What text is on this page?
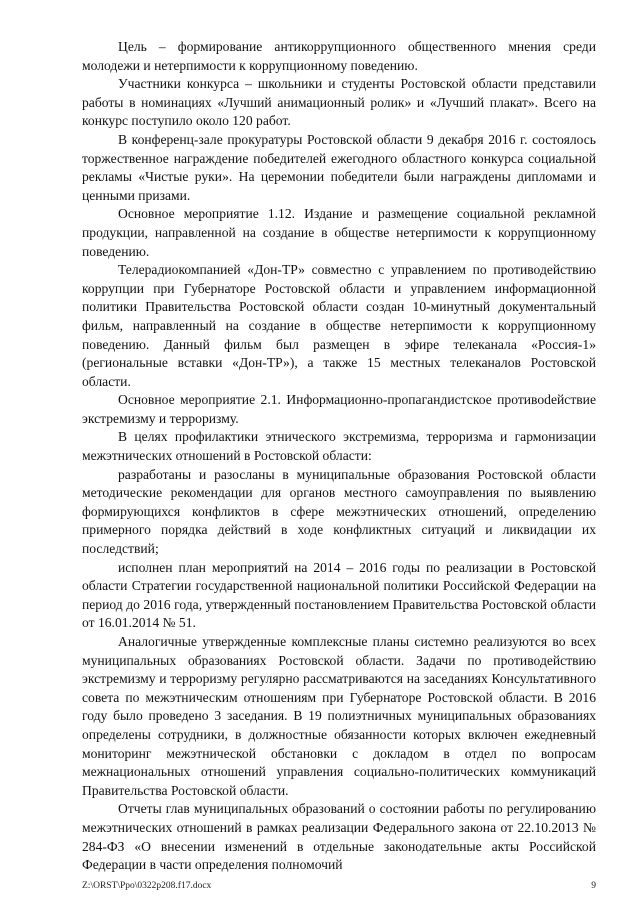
Цель – формирование антикоррупционного общественного мнения среди молодежи и нетерпимости к коррупционному поведению.

Участники конкурса – школьники и студенты Ростовской области представили работы в номинациях «Лучший анимационный ролик» и «Лучший плакат». Всего на конкурс поступило около 120 работ.

В конференц-зале прокуратуры Ростовской области 9 декабря 2016 г. состоялось торжественное награждение победителей ежегодного областного конкурса социальной рекламы «Чистые руки». На церемонии победители были награждены дипломами и ценными призами.

Основное мероприятие 1.12. Издание и размещение социальной рекламной продукции, направленной на создание в обществе нетерпимости к коррупционному поведению.

Телерадиокомпанией «Дон-ТР» совместно с управлением по противодействию коррупции при Губернаторе Ростовской области и управлением информационной политики Правительства Ростовской области создан 10-минутный документальный фильм, направленный на создание в обществе нетерпимости к коррупционному поведению. Данный фильм был размещен в эфире телеканала «Россия-1» (региональные вставки «Дон-ТР»), а также 15 местных телеканалов Ростовской области.

Основное мероприятие 2.1. Информационно-пропагандистское противоdействие экстремизму и терроризму.

В целях профилактики этнического экстремизма, терроризма и гармонизации межэтнических отношений в Ростовской области:

разработаны и разосланы в муниципальные образования Ростовской области методические рекомендации для органов местного самоуправления по выявлению формирующихся конфликтов в сфере межэтнических отношений, определению примерного порядка действий в ходе конфликтных ситуаций и ликвидации их последствий;

исполнен план мероприятий на 2014 – 2016 годы по реализации в Ростовской области Стратегии государственной национальной политики Российской Федерации на период до 2016 года, утвержденный постановлением Правительства Ростовской области от 16.01.2014 № 51.

Аналогичные утвержденные комплексные планы системно реализуются во всех муниципальных образованиях Ростовской области. Задачи по противодействию экстремизму и терроризму регулярно рассматриваются на заседаниях Консультативного совета по межэтническим отношениям при Губернаторе Ростовской области. В 2016 году было проведено 3 заседания. В 19 полиэтничных муниципальных образованиях определены сотрудники, в должностные обязанности которых включен ежедневный мониторинг межэтнической обстановки с докладом в отдел по вопросам межнациональных отношений управления социально-политических коммуникаций Правительства Ростовской области.

Отчеты глав муниципальных образований о состоянии работы по регулированию межэтнических отношений в рамках реализации Федерального закона от 22.10.2013 № 284-ФЗ «О внесении изменений в отдельные законодательные акты Российской Федерации в части определения полномочий

Z:\ORST\Ppo\0322p208.f17.docx	9
